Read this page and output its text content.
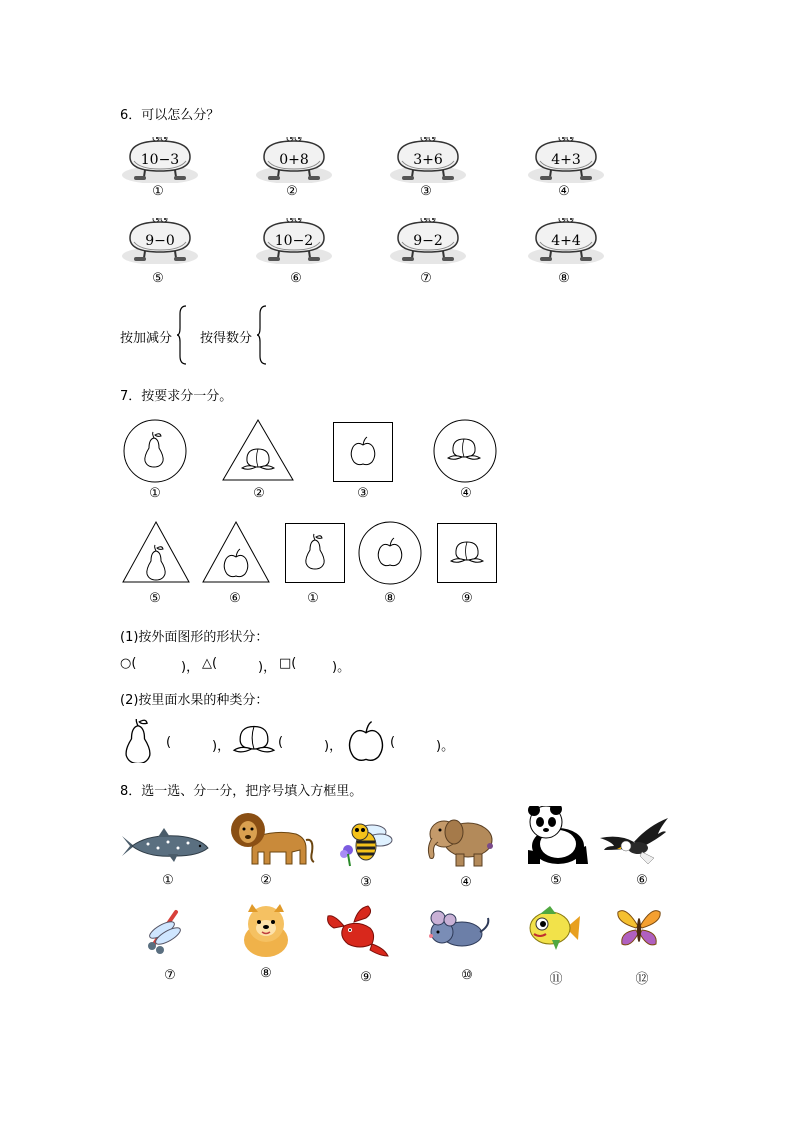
6．可以怎么分？
10−3	0+8	3+6	4+3
①	②	③	④
9−0	10−2	9−2	4+4
⑤	⑥	⑦	⑧
按加减分 按得数分
7．按要求分一分。
①	②	③	④
⑤	⑥	①	⑧	⑨
(1)按外面图形的形状分：
○(	)， △(	)， □(	)。
(2)按里面水果的种类分：
(	)，	(	)，	(	)。
8．选一选、分一分，把序号填入方框里。
①	②	③	④	⑤	⑥
⑦	⑧	⑨	⑩	⑪	⑫
